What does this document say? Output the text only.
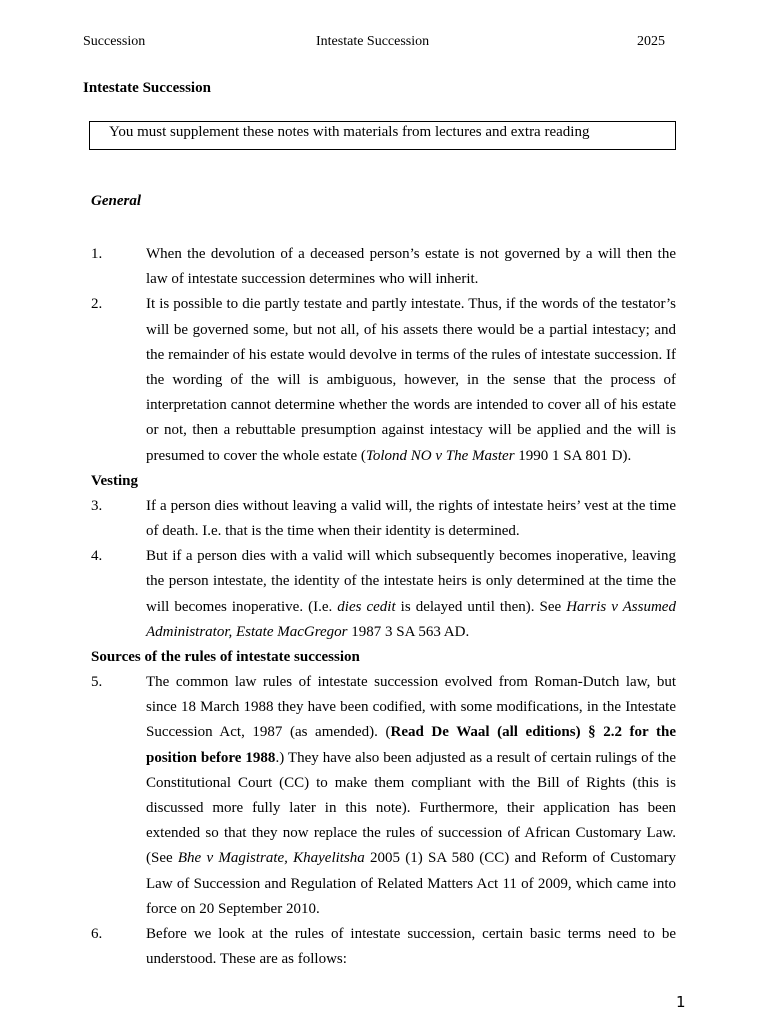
Succession	Intestate Succession	2025
Intestate Succession
You must supplement these notes with materials from lectures and extra reading
General
1.	When the devolution of a deceased person’s estate is not governed by a will then the law of intestate succession determines who will inherit.
2.	It is possible to die partly testate and partly intestate. Thus, if the words of the testator’s will be governed some, but not all, of his assets there would be a partial intestacy; and the remainder of his estate would devolve in terms of the rules of intestate succession. If the wording of the will is ambiguous, however, in the sense that the process of interpretation cannot determine whether the words are intended to cover all of his estate or not, then a rebuttable presumption against intestacy will be applied and the will is presumed to cover the whole estate (Tolond NO v The Master 1990 1 SA 801 D).
Vesting
3.	If a person dies without leaving a valid will, the rights of intestate heirs’ vest at the time of death. I.e. that is the time when their identity is determined.
4.	But if a person dies with a valid will which subsequently becomes inoperative, leaving the person intestate, the identity of the intestate heirs is only determined at the time the will becomes inoperative. (I.e. dies cedit is delayed until then). See Harris v Assumed Administrator, Estate MacGregor 1987 3 SA 563 AD.
Sources of the rules of intestate succession
5.	The common law rules of intestate succession evolved from Roman-Dutch law, but since 18 March 1988 they have been codified, with some modifications, in the Intestate Succession Act, 1987 (as amended). (Read De Waal (all editions) § 2.2 for the position before 1988.) They have also been adjusted as a result of certain rulings of the Constitutional Court (CC) to make them compliant with the Bill of Rights (this is discussed more fully later in this note). Furthermore, their application has been extended so that they now replace the rules of succession of African Customary Law. (See Bhe v Magistrate, Khayelitsha 2005 (1) SA 580 (CC) and Reform of Customary Law of Succession and Regulation of Related Matters Act 11 of 2009, which came into force on 20 September 2010.
6.	Before we look at the rules of intestate succession, certain basic terms need to be understood. These are as follows:
1
